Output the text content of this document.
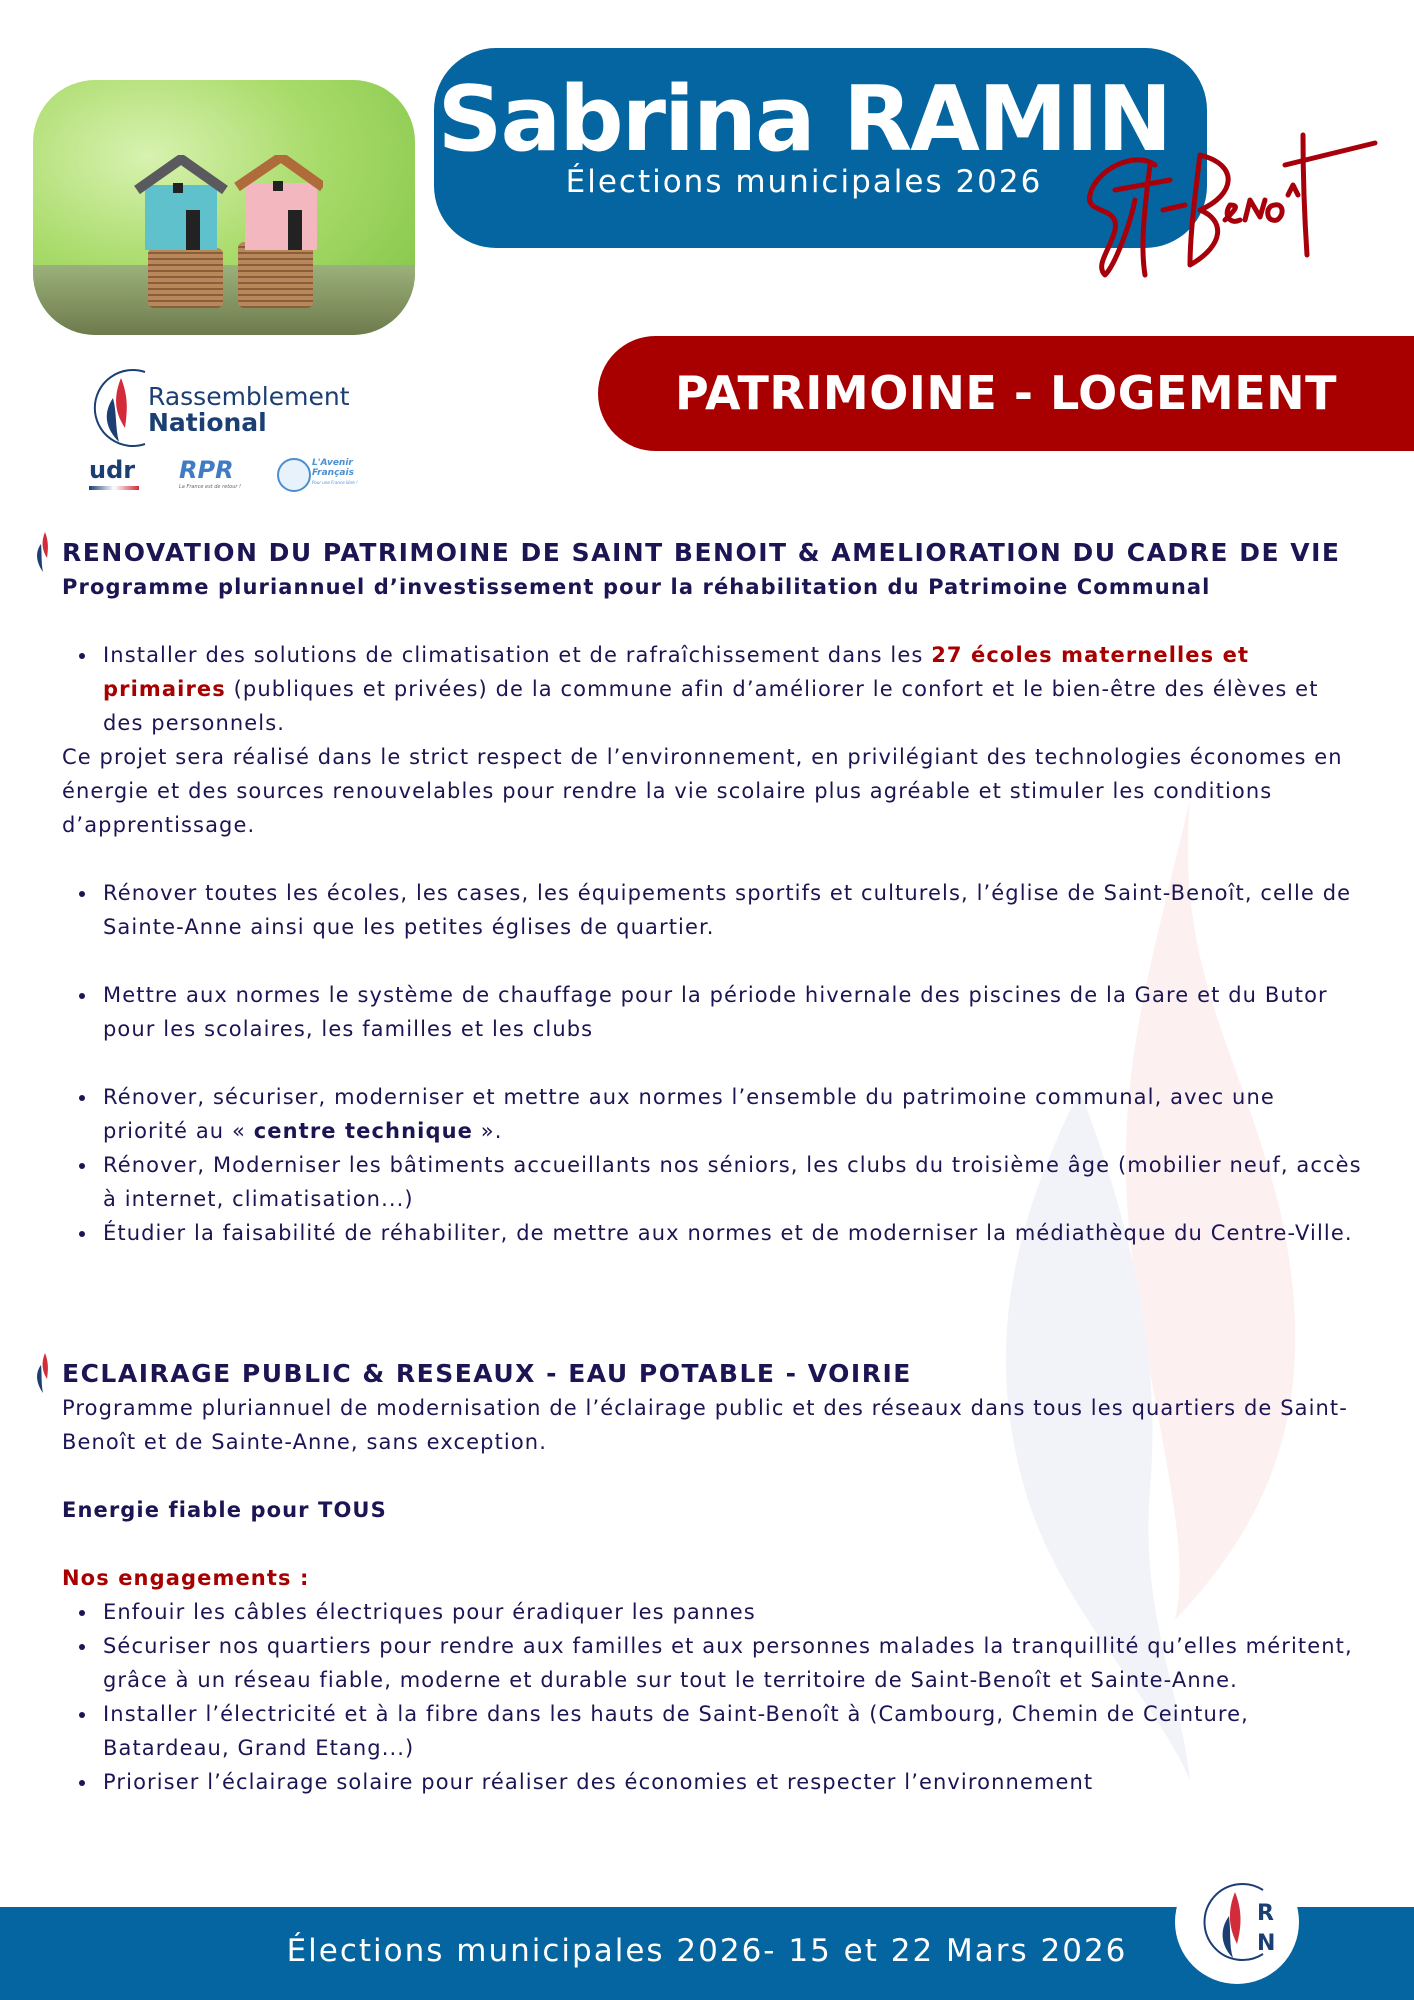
Sabrina RAMIN
Élections municipales 2026
PATRIMOINE - LOGEMENT
Rassemblement
National
udr RPR
La France est de retour !
L'Avenir Français
Pour une France libre !
RENOVATION DU PATRIMOINE DE SAINT BENOIT & AMELIORATION DU CADRE DE VIE
Programme pluriannuel d’investissement pour la réhabilitation du Patrimoine Communal
Installer des solutions de climatisation et de rafraîchissement dans les 27 écoles maternelles et primaires (publiques et privées) de la commune afin d’améliorer le confort et le bien-être des élèves et des personnels.
Ce projet sera réalisé dans le strict respect de l’environnement, en privilégiant des technologies économes en énergie et des sources renouvelables pour rendre la vie scolaire plus agréable et stimuler les conditions d’apprentissage.
Rénover toutes les écoles, les cases, les équipements sportifs et culturels, l’église de Saint-Benoît, celle de Sainte-Anne ainsi que les petites églises de quartier.
Mettre aux normes le système de chauffage pour la période hivernale des piscines de la Gare et du Butor pour les scolaires, les familles et les clubs
Rénover, sécuriser, moderniser et mettre aux normes l’ensemble du patrimoine communal, avec une priorité au « centre technique ».
Rénover, Moderniser les bâtiments accueillants nos séniors, les clubs du troisième âge (mobilier neuf, accès à internet, climatisation...)
Étudier la faisabilité de réhabiliter, de mettre aux normes et de moderniser la médiathèque du Centre-Ville.
ECLAIRAGE PUBLIC & RESEAUX - EAU POTABLE - VOIRIE
Programme pluriannuel de modernisation de l’éclairage public et des réseaux dans tous les quartiers de Saint-Benoît et de Sainte-Anne, sans exception.
Energie fiable pour TOUS
Nos engagements :
Enfouir les câbles électriques pour éradiquer les pannes
Sécuriser nos quartiers pour rendre aux familles et aux personnes malades la tranquillité qu’elles méritent, grâce à un réseau fiable, moderne et durable sur tout le territoire de Saint-Benoît et Sainte-Anne.
Installer l’électricité et à la fibre dans les hauts de Saint-Benoît à (Cambourg, Chemin de Ceinture, Batardeau, Grand Etang...)
Prioriser l’éclairage solaire pour réaliser des économies et respecter l’environnement
Élections municipales 2026- 15 et 22 Mars 2026
R
N
